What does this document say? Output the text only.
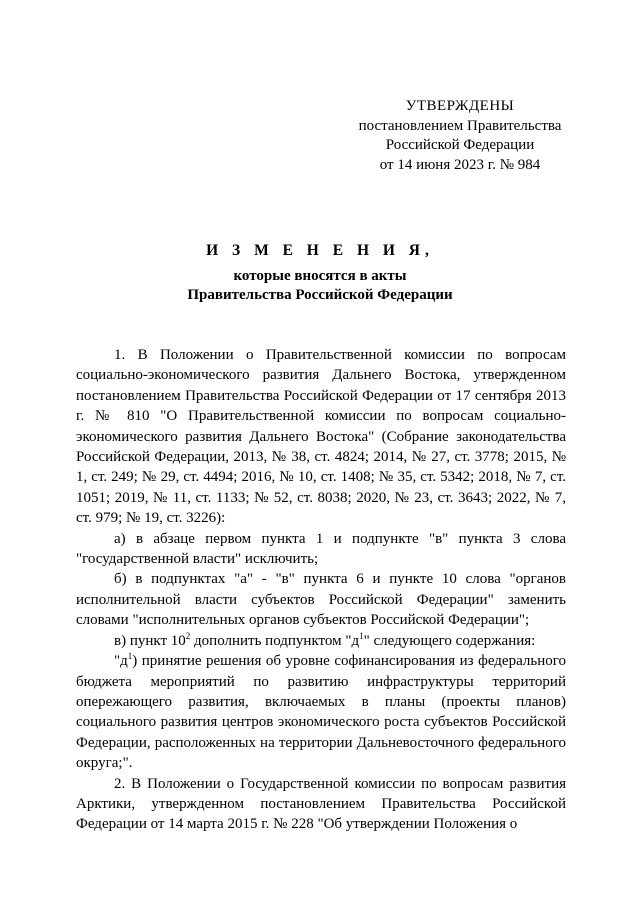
УТВЕРЖДЕНЫ
постановлением Правительства
Российской Федерации
от 14 июня 2023 г. № 984
И З М Е Н Е Н И Я,
которые вносятся в акты
Правительства Российской Федерации

1. В Положении о Правительственной комиссии по вопросам социально-экономического развития Дальнего Востока, утвержденном постановлением Правительства Российской Федерации от 17 сентября 2013 г. № 810 "О Правительственной комиссии по вопросам социально-экономического развития Дальнего Востока" (Собрание законодательства Российской Федерации, 2013, № 38, ст. 4824; 2014, № 27, ст. 3778; 2015, № 1, ст. 249; № 29, ст. 4494; 2016, № 10, ст. 1408; № 35, ст. 5342; 2018, № 7, ст. 1051; 2019, № 11, ст. 1133; № 52, ст. 8038; 2020, № 23, ст. 3643; 2022, № 7, ст. 979; № 19, ст. 3226):

а) в абзаце первом пункта 1 и подпункте "в" пункта 3 слова "государственной власти" исключить;

б) в подпунктах "а" - "в" пункта 6 и пункте 10 слова "органов исполнительной власти субъектов Российской Федерации" заменить словами "исполнительных органов субъектов Российской Федерации";

в) пункт $10^2$ дополнить подпунктом "$д^1$" следующего содержания:

"$д^1$) принятие решения об уровне софинансирования из федерального бюджета мероприятий по развитию инфраструктуры территорий опережающего развития, включаемых в планы (проекты планов) социального развития центров экономического роста субъектов Российской Федерации, расположенных на территории Дальневосточного федерального округа;".

2. В Положении о Государственной комиссии по вопросам развития Арктики, утвержденном постановлением Правительства Российской Федерации от 14 марта 2015 г. № 228 "Об утверждении Положения о
